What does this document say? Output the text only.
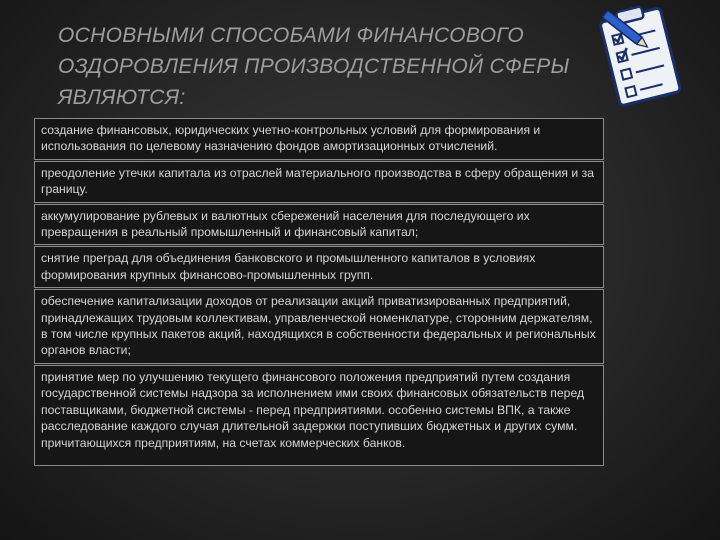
ОСНОВНЫМИ СПОСОБАМИ ФИНАНСОВОГО
ОЗДОРОВЛЕНИЯ ПРОИЗВОДСТВЕННОЙ СФЕРЫ
ЯВЛЯЮТСЯ:
создание финансовых, юридических учетно-контрольных условий для формирования и использования по целевому назначению фондов амортизационных отчислений.
преодоление утечки капитала из отраслей материального производства в сферу обращения и за границу.
аккумулирование рублевых и валютных сбережений населения для последующего их превращения в реальный промышленный и финансовый капитал;
снятие преград для объединения банковского и промышленного капиталов в условиях формирования крупных финансово-промышленных групп.
обеспечение капитализации доходов от реализации акций приватизированных предприятий, принадлежащих трудовым коллективам, управленческой номенклатуре, сторонним держателям, в том числе крупных пакетов акций, находящихся в собственности федеральных и региональных органов власти;
принятие мер по улучшению текущего финансового положения предприятий путем создания государственной системы надзора за исполнением ими своих финансовых обязательств перед поставщиками, бюджетной системы - перед предприятиями. особенно системы ВПК, а также расследование каждого случая длительной задержки поступивших бюджетных и других сумм. причитающихся предприятиям, на счетах коммерческих банков.
